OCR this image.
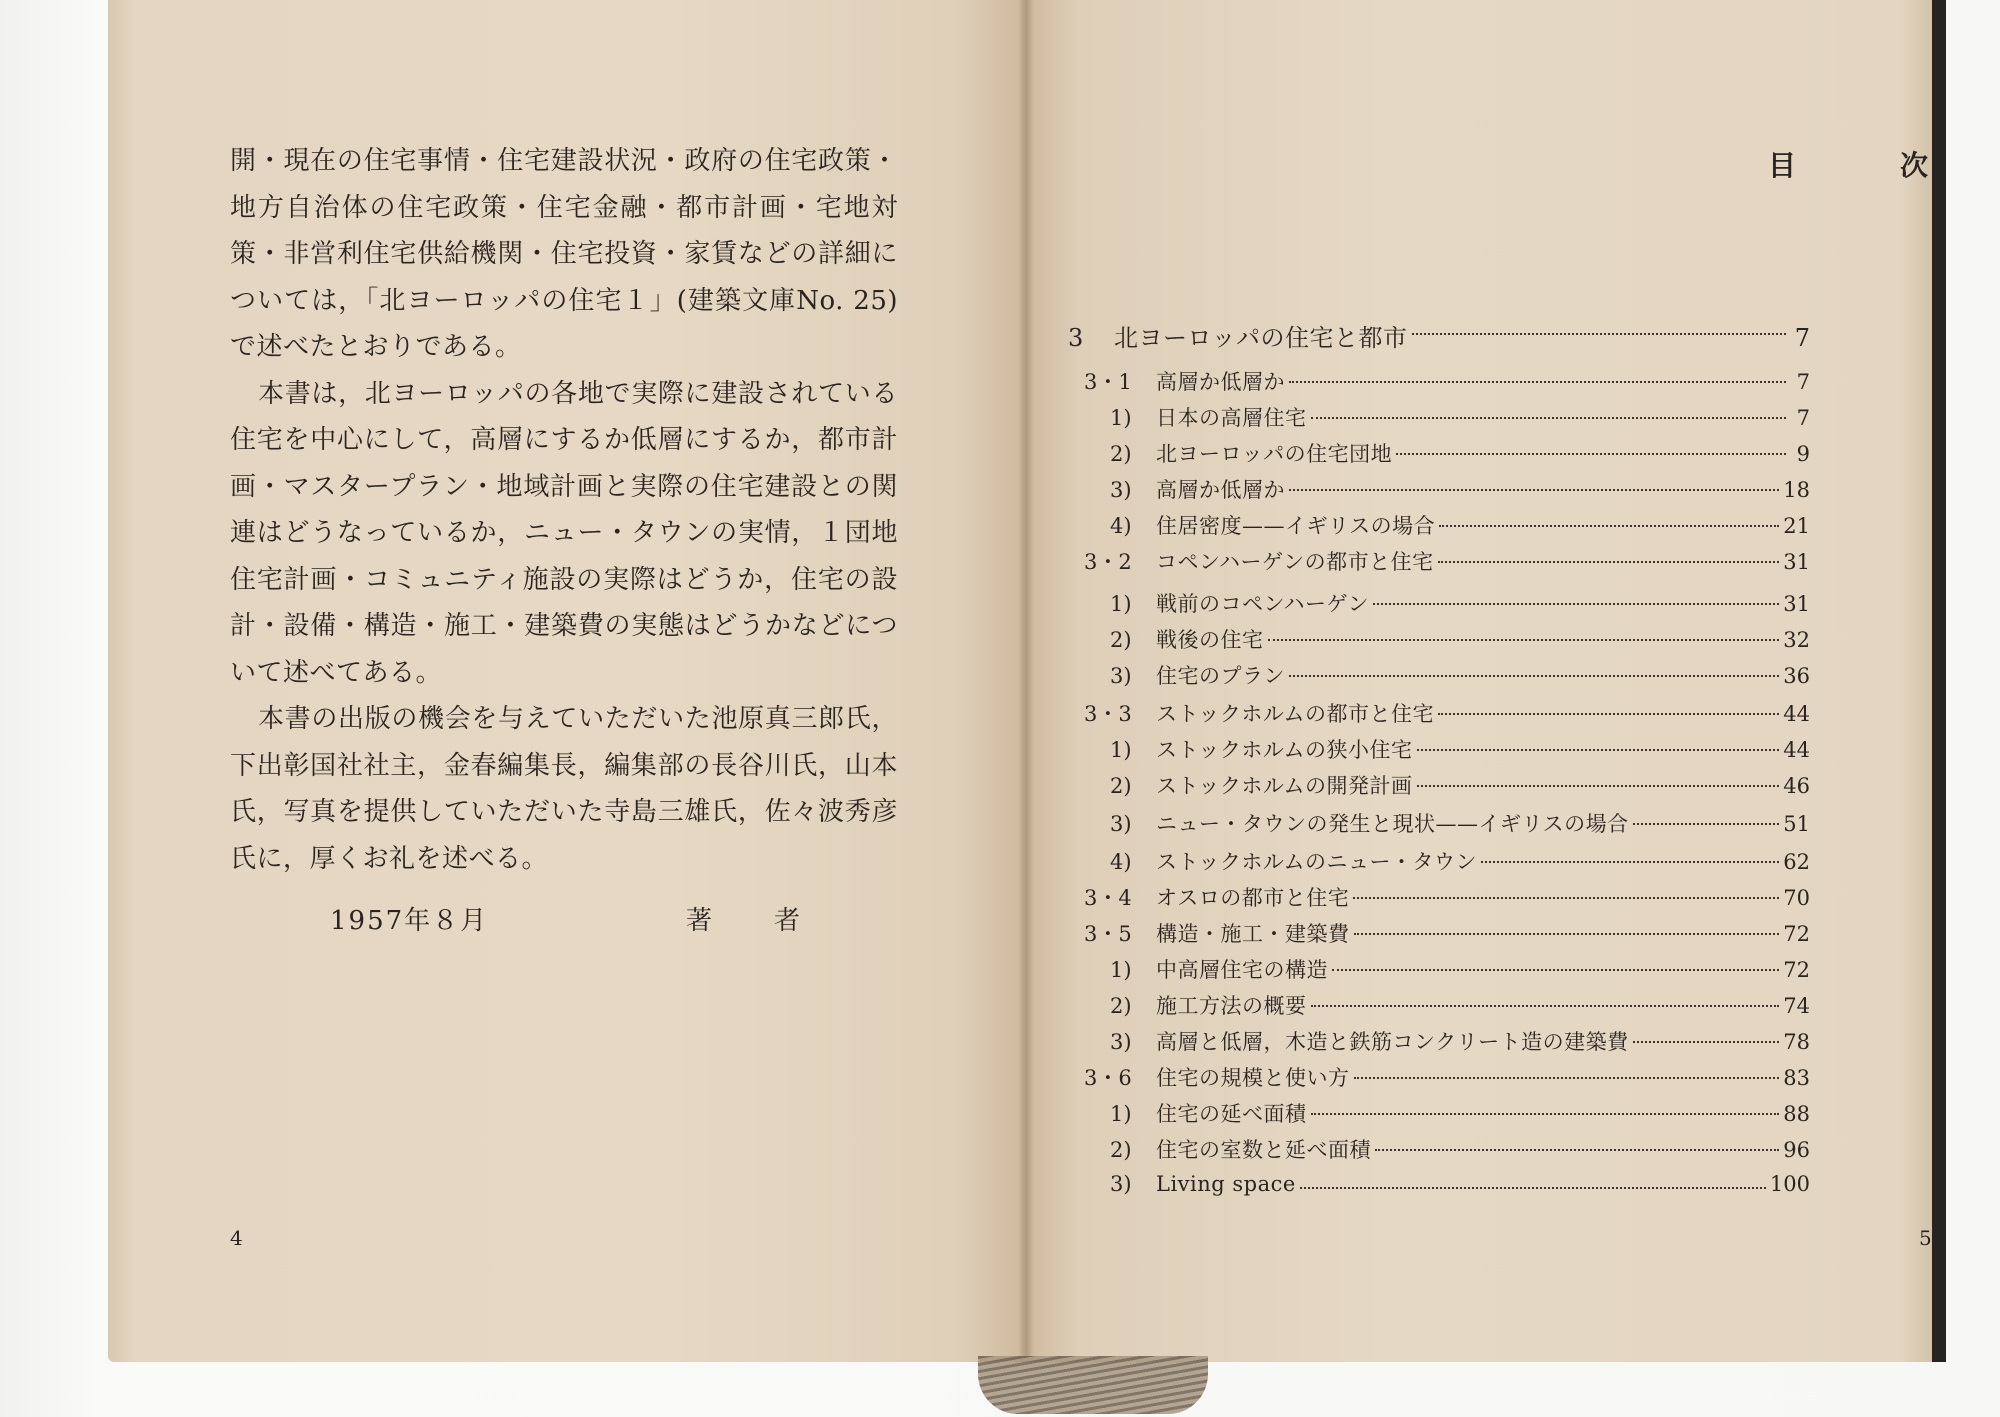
開・現在の住宅事情・住宅建設状況・政府の住宅政策・地方自治体の住宅政策・住宅金融・都市計画・宅地対策・非営利住宅供給機関・住宅投資・家賃などの詳細については，「北ヨーロッパの住宅１」(建築文庫No. 25) で述べたとおりである。

本書は，北ヨーロッパの各地で実際に建設されている住宅を中心にして，高層にするか低層にするか，都市計画・マスタープラン・地域計画と実際の住宅建設との関連はどうなっているか，ニュー・タウンの実情，１団地住宅計画・コミュニティ施設の実際はどうか，住宅の設計・設備・構造・施工・建築費の実態はどうかなどについて述べてある。

本書の出版の機会を与えていただいた池原真三郎氏，下出彰国社社主，金春編集長，編集部の長谷川氏，山本氏，写真を提供していただいた寺島三雄氏，佐々波秀彦氏に，厚くお礼を述べる。

1957年８月	著　者
4
目	次
3	北ヨーロッパの住宅と都市	7
3・1	高層か低層か	7
1)	日本の高層住宅	7
2)	北ヨーロッパの住宅団地	9
3)	高層か低層か	18
4)	住居密度——イギリスの場合	21
3・2	コペンハーゲンの都市と住宅	31
1)	戦前のコペンハーゲン	31
2)	戦後の住宅	32
3)	住宅のプラン	36
3・3	ストックホルムの都市と住宅	44
1)	ストックホルムの狭小住宅	44
2)	ストックホルムの開発計画	46
3)	ニュー・タウンの発生と現状——イギリスの場合	51
4)	ストックホルムのニュー・タウン	62
3・4	オスロの都市と住宅	70
3・5	構造・施工・建築費	72
1)	中高層住宅の構造	72
2)	施工方法の概要	74
3)	高層と低層，木造と鉄筋コンクリート造の建築費	78
3・6	住宅の規模と使い方	83
1)	住宅の延べ面積	88
2)	住宅の室数と延べ面積	96
3)	Living space	100
5
